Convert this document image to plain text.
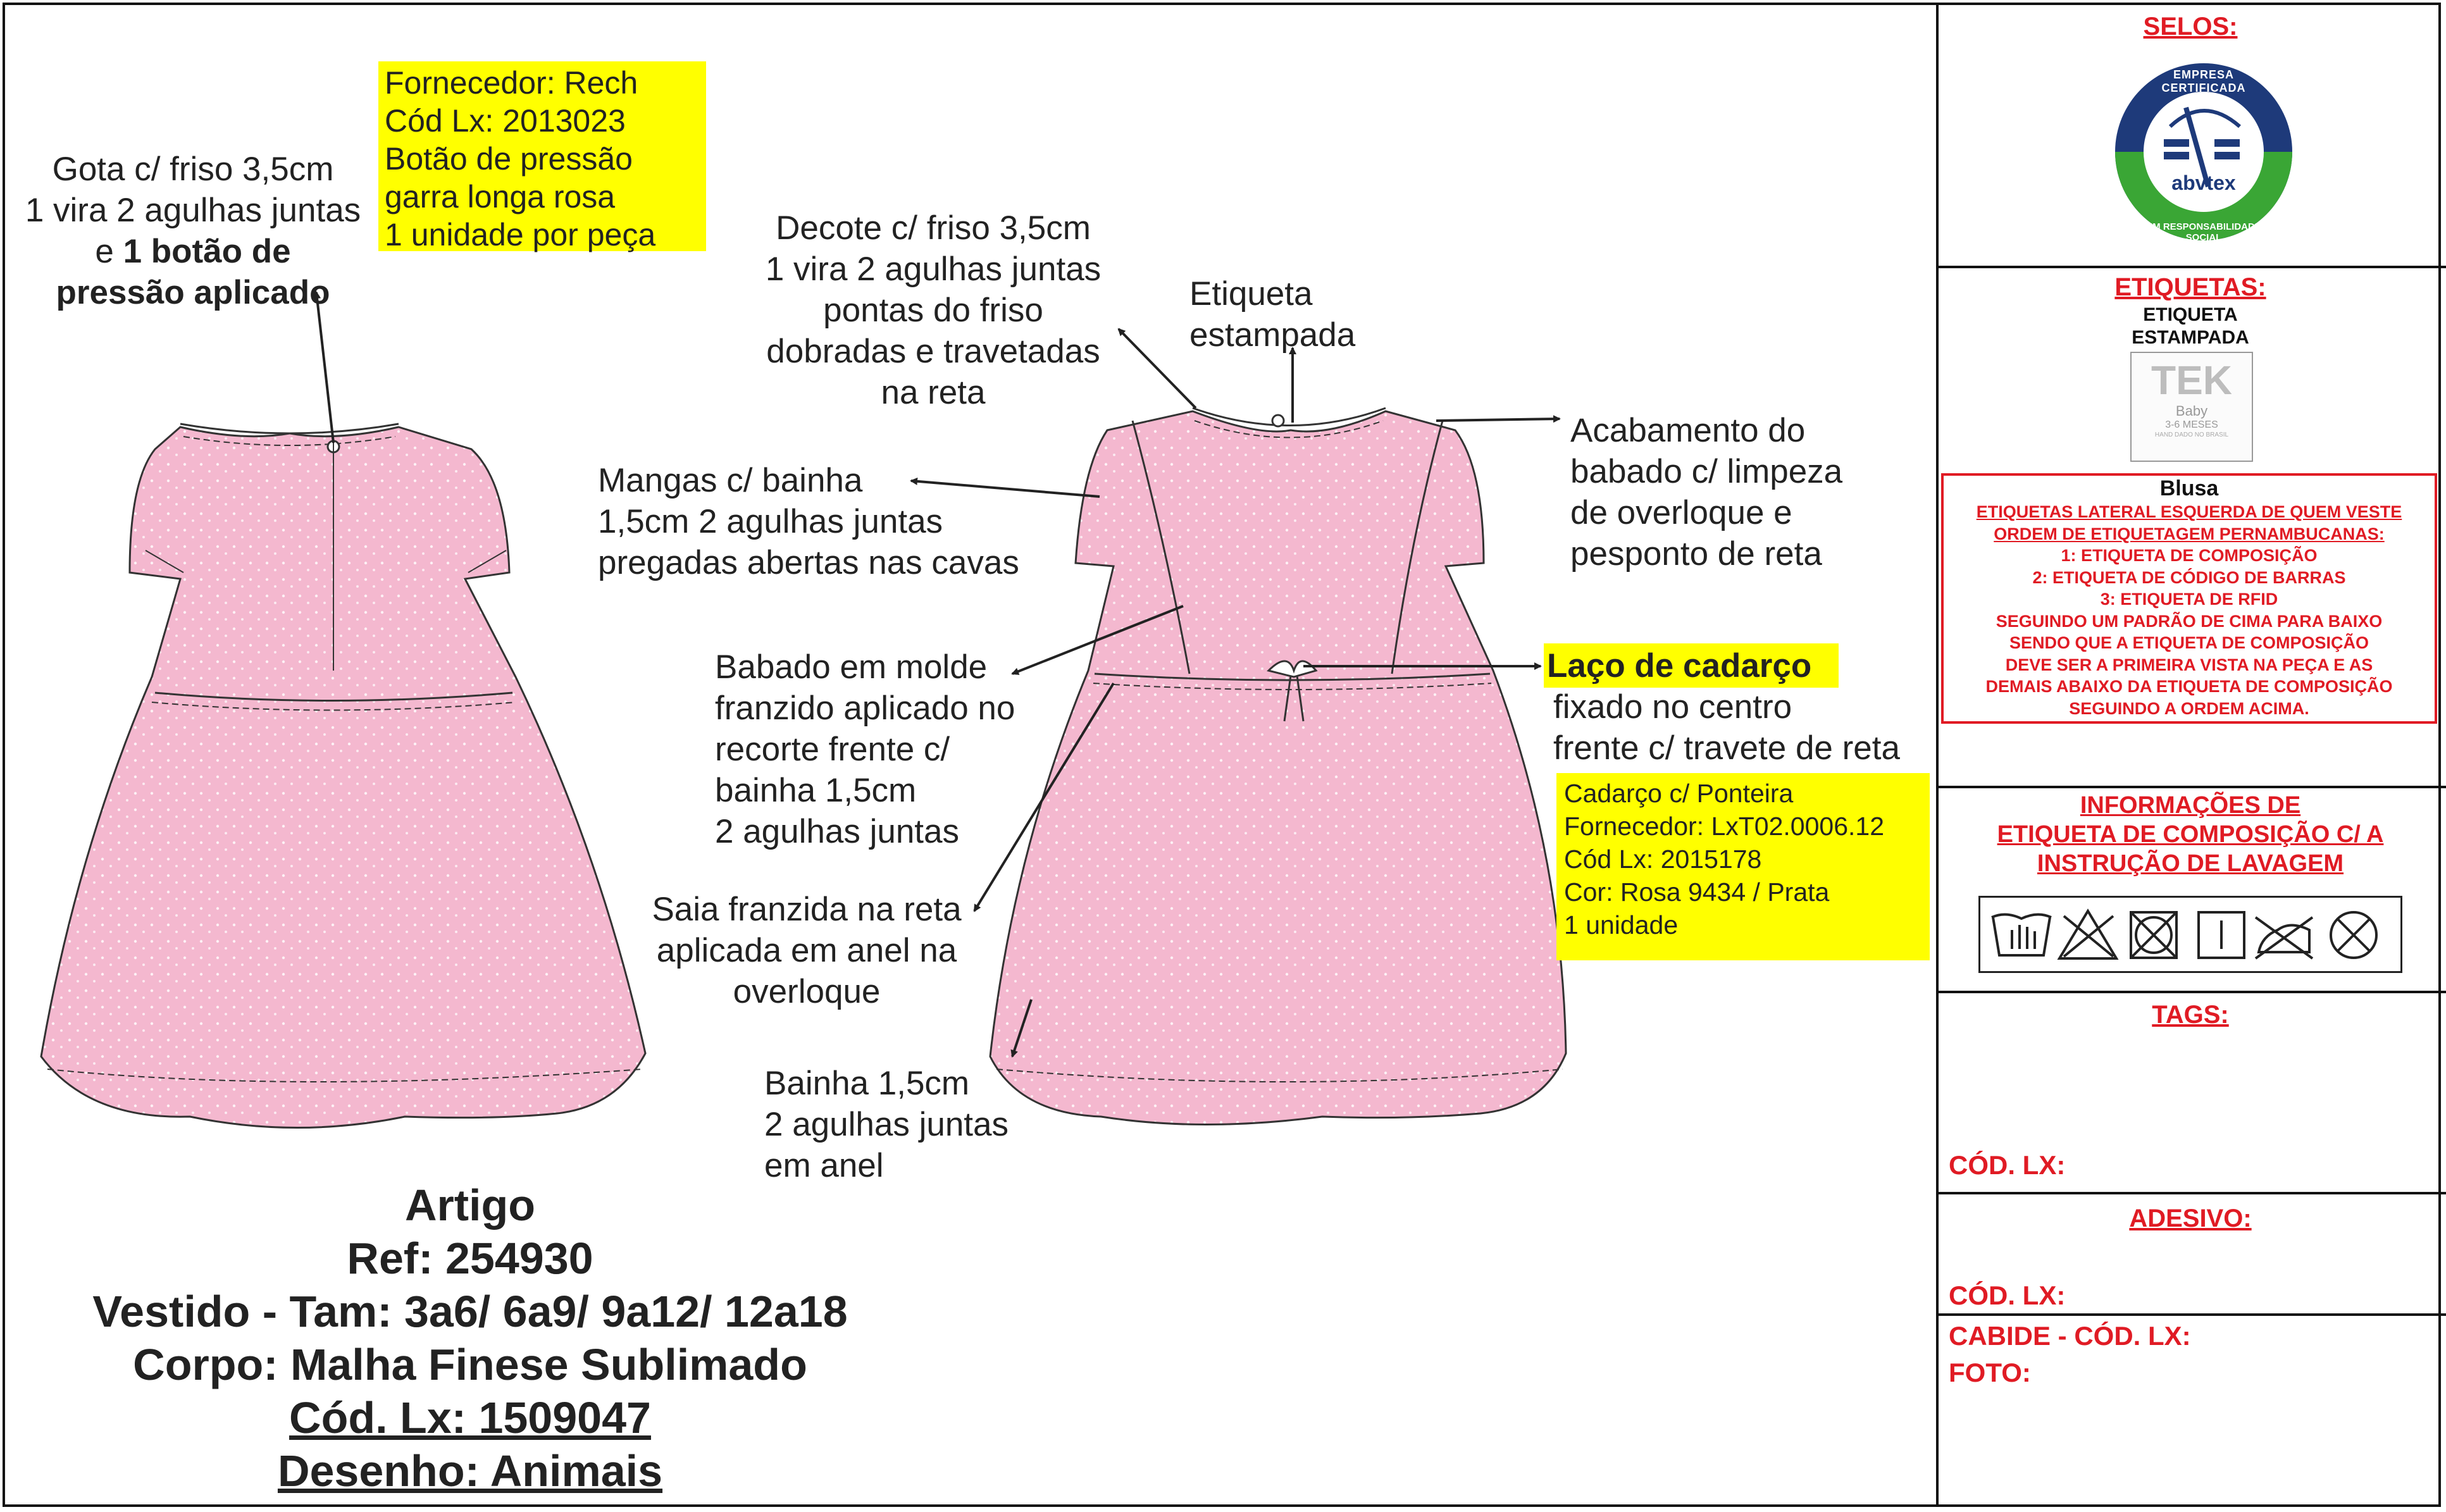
Gota c/ friso 3,5cm
1 vira 2 agulhas juntas
e 1 botão de
pressão aplicado
Fornecedor: Rech
Cód Lx: 2013023
Botão de pressão
garra longa rosa
1 unidade por peça	Decote c/ friso 3,5cm
1 vira 2 agulhas juntas
pontas do friso
dobradas e travetadas
na reta
Etiqueta
estampada
Acabamento do
babado c/ limpeza
de overloque e
pesponto de reta
Mangas c/ bainha
1,5cm 2 agulhas juntas
pregadas abertas nas cavas
Babado em molde
franzido aplicado no
recorte frente c/
bainha 1,5cm
2 agulhas juntas
Laço de cadarço
fixado no centro
frente c/ travete de reta
Cadarço c/ Ponteira
Fornecedor: LxT02.0006.12
Cód Lx: 2015178
Cor: Rosa 9434 / Prata
1 unidade
Saia franzida na reta
aplicada em anel na
overloque
Bainha 1,5cm
2 agulhas juntas
em anel
Artigo
Ref: 254930
Vestido - Tam: 3a6/ 6a9/ 9a12/ 12a18
Corpo: Malha Finese Sublimado
Cód. Lx: 1509047
Desenho: Animais
SELOS:
abvtex
EMPRESA CERTIFICADA
EM RESPONSABILIDADE SOCIAL
ETIQUETAS:
ETIQUETA
ESTAMPADA
TEK
Baby
3-6 MESES
HAND DADO NO BRASIL
Blusa
ETIQUETAS LATERAL ESQUERDA DE QUEM VESTE
ORDEM DE ETIQUETAGEM PERNAMBUCANAS:
1: ETIQUETA DE COMPOSIÇÃO
2: ETIQUETA DE CÓDIGO DE BARRAS
3: ETIQUETA DE RFID
SEGUINDO UM PADRÃO DE CIMA PARA BAIXO
SENDO QUE A ETIQUETA DE COMPOSIÇÃO
DEVE SER A PRIMEIRA VISTA NA PEÇA E AS
DEMAIS ABAIXO DA ETIQUETA DE COMPOSIÇÃO
SEGUINDO A ORDEM ACIMA.
INFORMAÇÕES DE
ETIQUETA DE COMPOSIÇÃO C/ A
INSTRUÇÃO DE LAVAGEM
TAGS:
CÓD. LX:
ADESIVO:
CÓD. LX:
CABIDE - CÓD. LX:
FOTO:
